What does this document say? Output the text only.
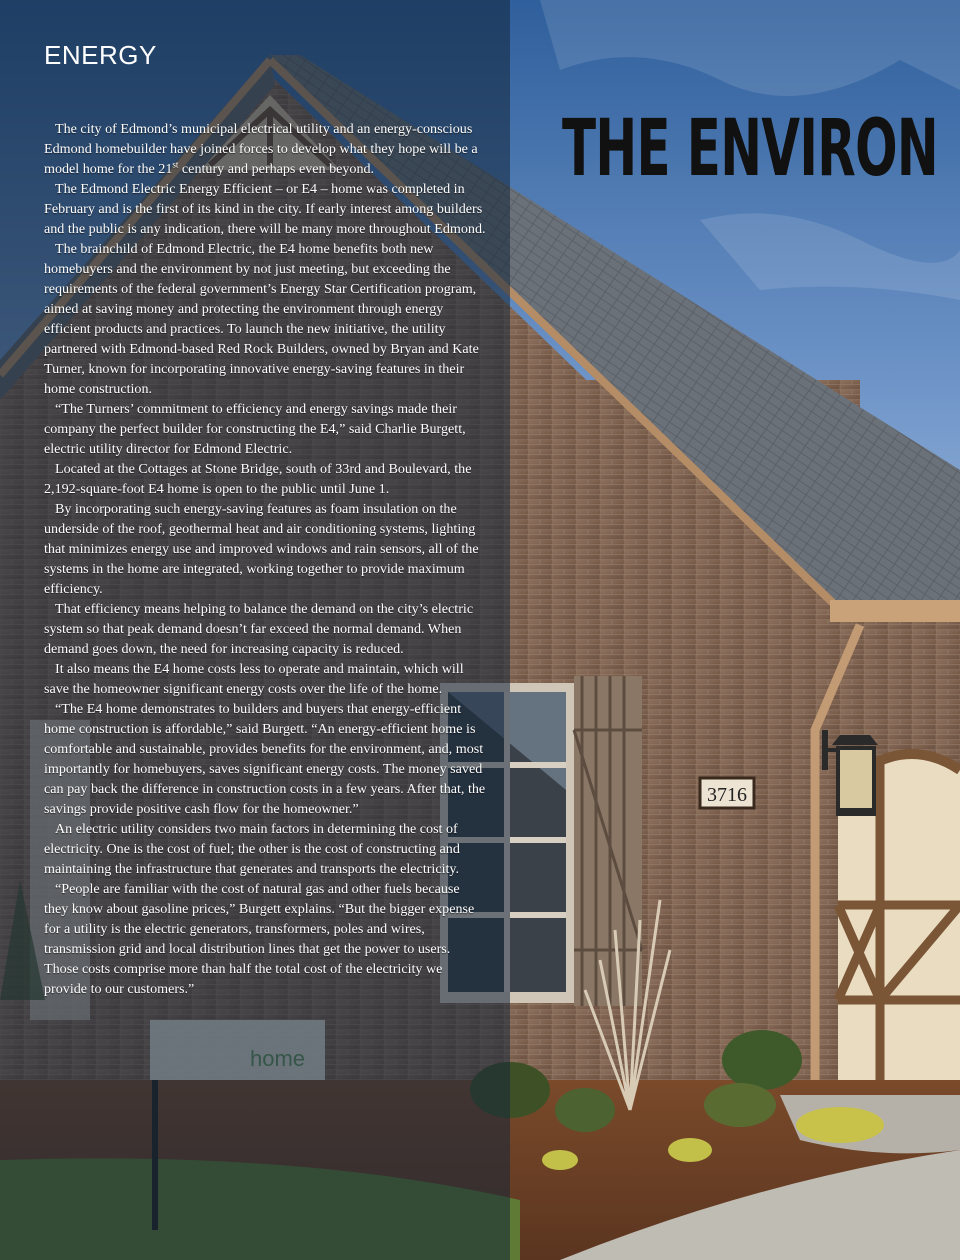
3716
ENERGY
THE ENVIRON

The city of Edmond’s municipal electrical utility and an energy-conscious Edmond homebuilder have joined forces to develop what they hope will be a model home for the 21st century and perhaps even beyond.

The Edmond Electric Energy Efficient – or E4 – home was completed in February and is the first of its kind in the city. If early interest among builders and the public is any indication, there will be many more throughout Edmond.

The brainchild of Edmond Electric, the E4 home benefits both new homebuyers and the environment by not just meeting, but exceeding the requirements of the federal government’s Energy Star Certification program, aimed at saving money and protecting the environment through energy efficient products and practices. To launch the new initiative, the utility partnered with Edmond-based Red Rock Builders, owned by Bryan and Kate Turner, known for incorporating innovative energy-saving features in their home construction.

“The Turners’ commitment to efficiency and energy savings made their company the perfect builder for constructing the E4,” said Charlie Burgett, electric utility director for Edmond Electric.

Located at the Cottages at Stone Bridge, south of 33rd and Boulevard, the 2,192-square-foot E4 home is open to the public until June 1.

By incorporating such energy-saving features as foam insulation on the underside of the roof, geothermal heat and air conditioning systems, lighting that minimizes energy use and improved windows and rain sensors, all of the systems in the home are integrated, working together to provide maximum efficiency.

That efficiency means helping to balance the demand on the city’s electric system so that peak demand doesn’t far exceed the normal demand. When demand goes down, the need for increasing capacity is reduced.

It also means the E4 home costs less to operate and maintain, which will save the homeowner significant energy costs over the life of the home.

“The E4 home demonstrates to builders and buyers that energy-efficient home construction is affordable,” said Burgett. “An energy-efficient home is comfortable and sustainable, provides benefits for the environment, and, most importantly for homebuyers, saves significant energy costs. The money saved can pay back the difference in construction costs in a few years. After that, the savings provide positive cash flow for the homeowner.”

An electric utility considers two main factors in determining the cost of electricity. One is the cost of fuel; the other is the cost of constructing and maintaining the infrastructure that generates and transports the electricity.

“People are familiar with the cost of natural gas and other fuels because they know about gasoline prices,” Burgett explains. “But the bigger expense for a utility is the electric generators, transformers, poles and wires, transmission grid and local distribution lines that get the power to users. Those costs comprise more than half the total cost of the electricity we provide to our customers.”
